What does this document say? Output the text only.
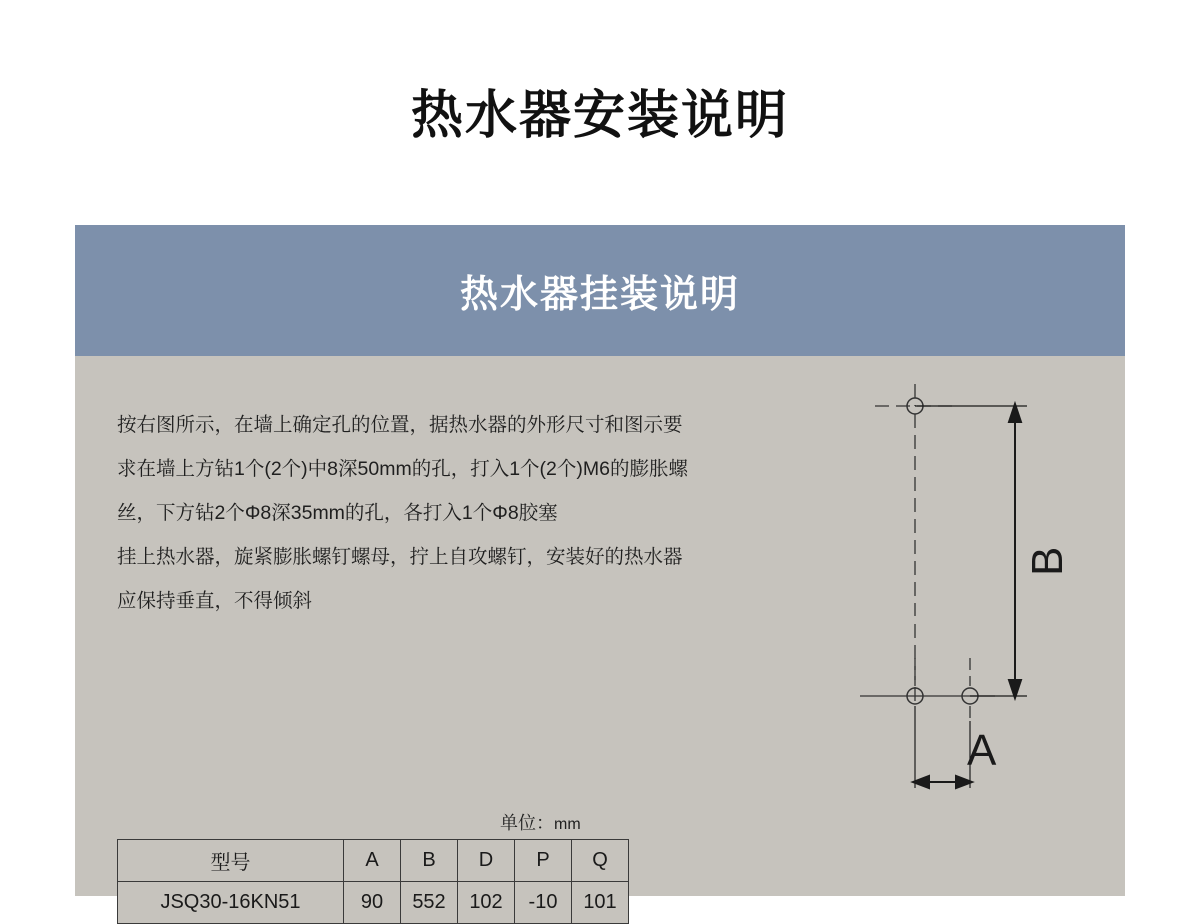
热水器安装说明
热水器挂装说明

按右图所示，在墙上确定孔的位置，据热水器的外形尺寸和图示要

求在墙上方钻1个(2个)中8深50mm的孔，打入1个(2个)M6的膨胀螺

丝，下方钻2个Φ8深35mm的孔，各打入1个Φ8胶塞

挂上热水器，旋紧膨胀螺钉螺母，拧上自攻螺钉，安装好的热水器

应保持垂直，不得倾斜

单位：mm
型号	A	B	D	P	Q
JSQ30-16KN51	90	552	102	-10	101
B
A
